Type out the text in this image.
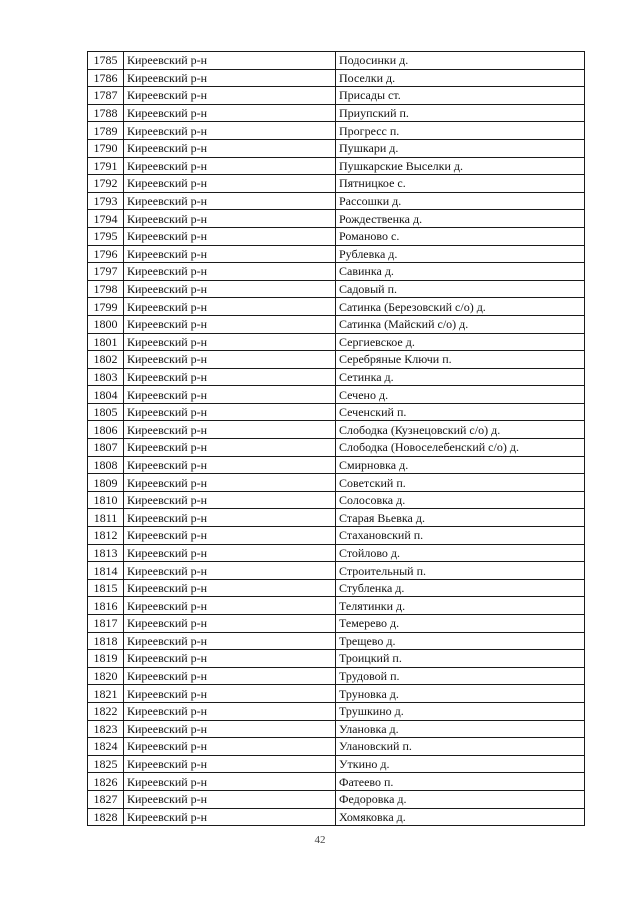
1785	Киреевский р-н	Подосинки д.
1786	Киреевский р-н	Поселки д.
1787	Киреевский р-н	Присады ст.
1788	Киреевский р-н	Приупский п.
1789	Киреевский р-н	Прогресс п.
1790	Киреевский р-н	Пушкари д.
1791	Киреевский р-н	Пушкарские Выселки д.
1792	Киреевский р-н	Пятницкое с.
1793	Киреевский р-н	Рассошки д.
1794	Киреевский р-н	Рождественка д.
1795	Киреевский р-н	Романово с.
1796	Киреевский р-н	Рублевка д.
1797	Киреевский р-н	Савинка д.
1798	Киреевский р-н	Садовый п.
1799	Киреевский р-н	Сатинка (Березовский с/о) д.
1800	Киреевский р-н	Сатинка (Майский с/о) д.
1801	Киреевский р-н	Сергиевское д.
1802	Киреевский р-н	Серебряные Ключи п.
1803	Киреевский р-н	Сетинка д.
1804	Киреевский р-н	Сечено д.
1805	Киреевский р-н	Сеченский п.
1806	Киреевский р-н	Слободка (Кузнецовский с/о) д.
1807	Киреевский р-н	Слободка (Новоселебенский с/о) д.
1808	Киреевский р-н	Смирновка д.
1809	Киреевский р-н	Советский п.
1810	Киреевский р-н	Солосовка д.
1811	Киреевский р-н	Старая Вьевка д.
1812	Киреевский р-н	Стахановский п.
1813	Киреевский р-н	Стойлово д.
1814	Киреевский р-н	Строительный п.
1815	Киреевский р-н	Стубленка д.
1816	Киреевский р-н	Телятинки д.
1817	Киреевский р-н	Темерево д.
1818	Киреевский р-н	Трещево д.
1819	Киреевский р-н	Троицкий п.
1820	Киреевский р-н	Трудовой п.
1821	Киреевский р-н	Труновка д.
1822	Киреевский р-н	Трушкино д.
1823	Киреевский р-н	Улановка д.
1824	Киреевский р-н	Улановский п.
1825	Киреевский р-н	Уткино д.
1826	Киреевский р-н	Фатеево п.
1827	Киреевский р-н	Федоровка д.
1828	Киреевский р-н	Хомяковка д.
42
